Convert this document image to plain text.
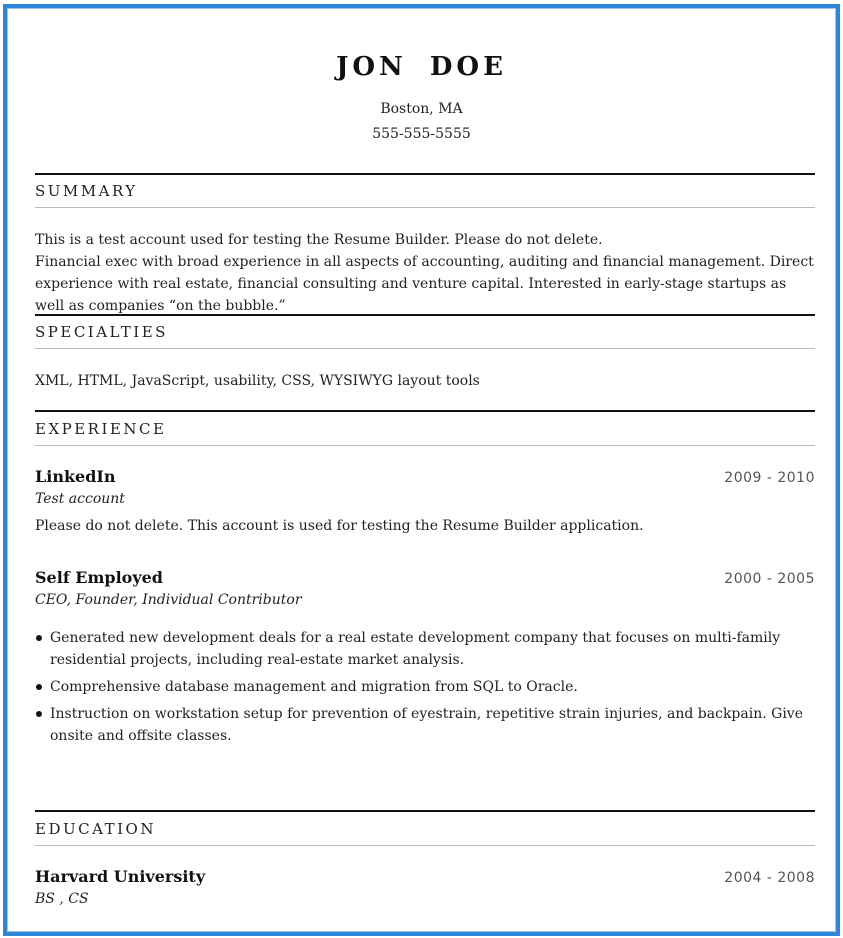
JON DOE
Boston, MA
555-555-5555
SUMMARY
This is a test account used for testing the Resume Builder. Please do not delete.
Financial exec with broad experience in all aspects of accounting, auditing and financial management. Direct experience with real estate, financial consulting and venture capital. Interested in early-stage startups as well as companies “on the bubble.”
SPECIALTIES
XML, HTML, JavaScript, usability, CSS, WYSIWYG layout tools
EXPERIENCE
LinkedIn	2009 - 2010
Test account
Please do not delete. This account is used for testing the Resume Builder application.
Self Employed	2000 - 2005
CEO, Founder, Individual Contributor
Generated new development deals for a real estate development company that focuses on multi-family residential projects, including real-estate market analysis.
Comprehensive database management and migration from SQL to Oracle.
Instruction on workstation setup for prevention of eyestrain, repetitive strain injuries, and backpain. Give onsite and offsite classes.
EDUCATION
Harvard University	2004 - 2008
BS , CS
